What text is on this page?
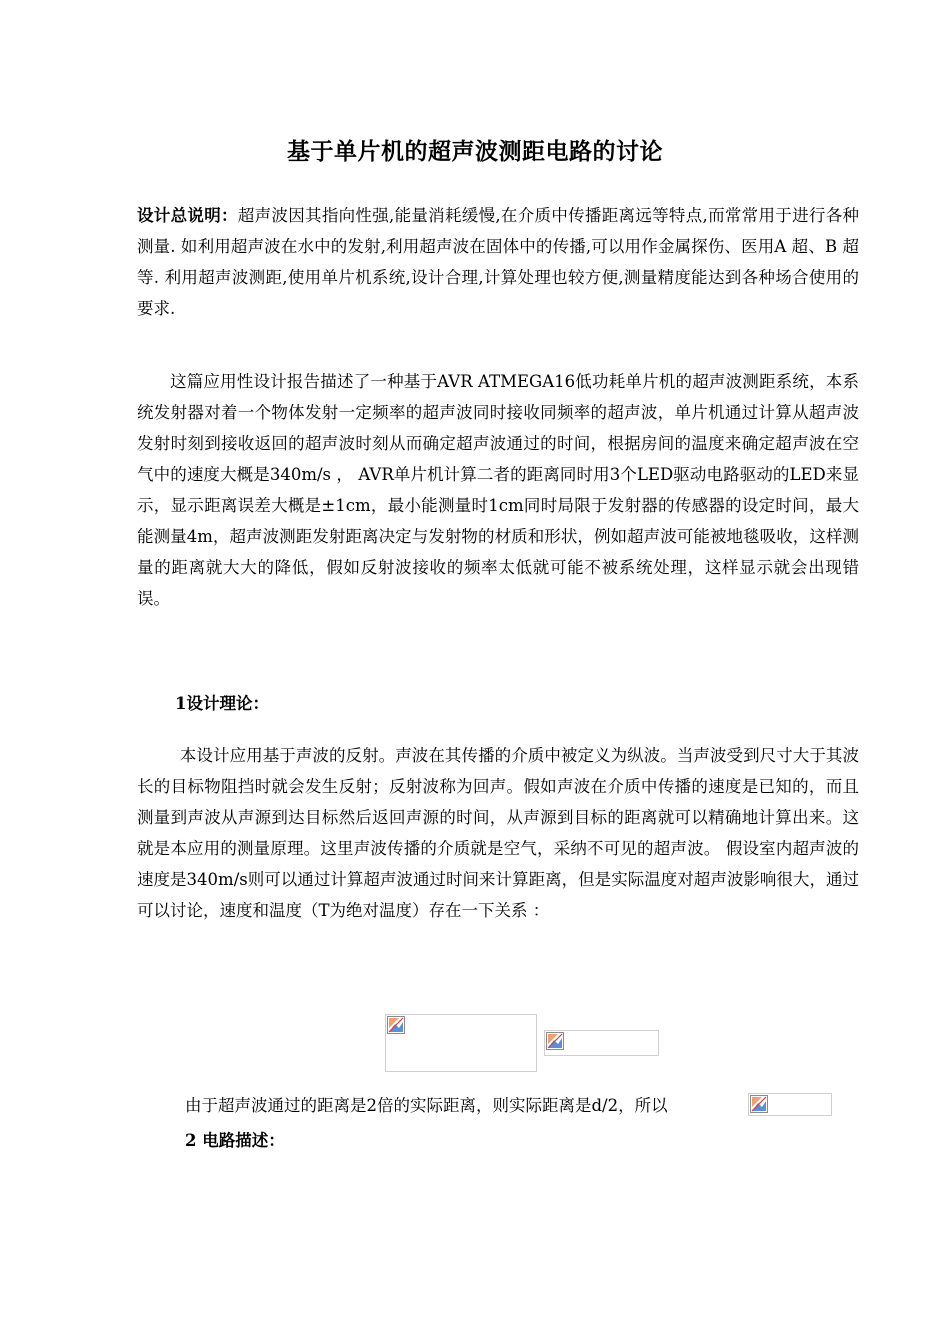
基于单片机的超声波测距电路的讨论
设计总说明：超声波因其指向性强,能量消耗缓慢,在介质中传播距离远等特点,而常常用于进行各种测量. 如利用超声波在水中的发射,利用超声波在固体中的传播,可以用作金属探伤、医用A 超、B 超等. 利用超声波测距,使用单片机系统,设计合理,计算处理也较方便,测量精度能达到各种场合使用的要求.
这篇应用性设计报告描述了一种基于AVR ATMEGA16低功耗单片机的超声波测距系统，本系统发射器对着一个物体发射一定频率的超声波同时接收同频率的超声波，单片机通过计算从超声波发射时刻到接收返回的超声波时刻从而确定超声波通过的时间，根据房间的温度来确定超声波在空气中的速度大概是340m/s ， AVR单片机计算二者的距离同时用3个LED驱动电路驱动的LED来显示，显示距离误差大概是±1cm，最小能测量时1cm同时局限于发射器的传感器的设定时间，最大能测量4m，超声波测距发射距离决定与发射物的材质和形状，例如超声波可能被地毯吸收，这样测量的距离就大大的降低，假如反射波接收的频率太低就可能不被系统处理，这样显示就会出现错误。
1设计理论：
本设计应用基于声波的反射。声波在其传播的介质中被定义为纵波。当声波受到尺寸大于其波长的目标物阻挡时就会发生反射；反射波称为回声。假如声波在介质中传播的速度是已知的，而且测量到声波从声源到达目标然后返回声源的时间，从声源到目标的距离就可以精确地计算出来。这就是本应用的测量原理。这里声波传播的介质就是空气，采纳不可见的超声波。 假设室内超声波的速度是340m/s则可以通过计算超声波通过时间来计算距离，但是实际温度对超声波影响很大，通过可以讨论，速度和温度（T为绝对温度）存在一下关系 ：
由于超声波通过的距离是2倍的实际距离，则实际距离是d/2，所以
2 电路描述：
